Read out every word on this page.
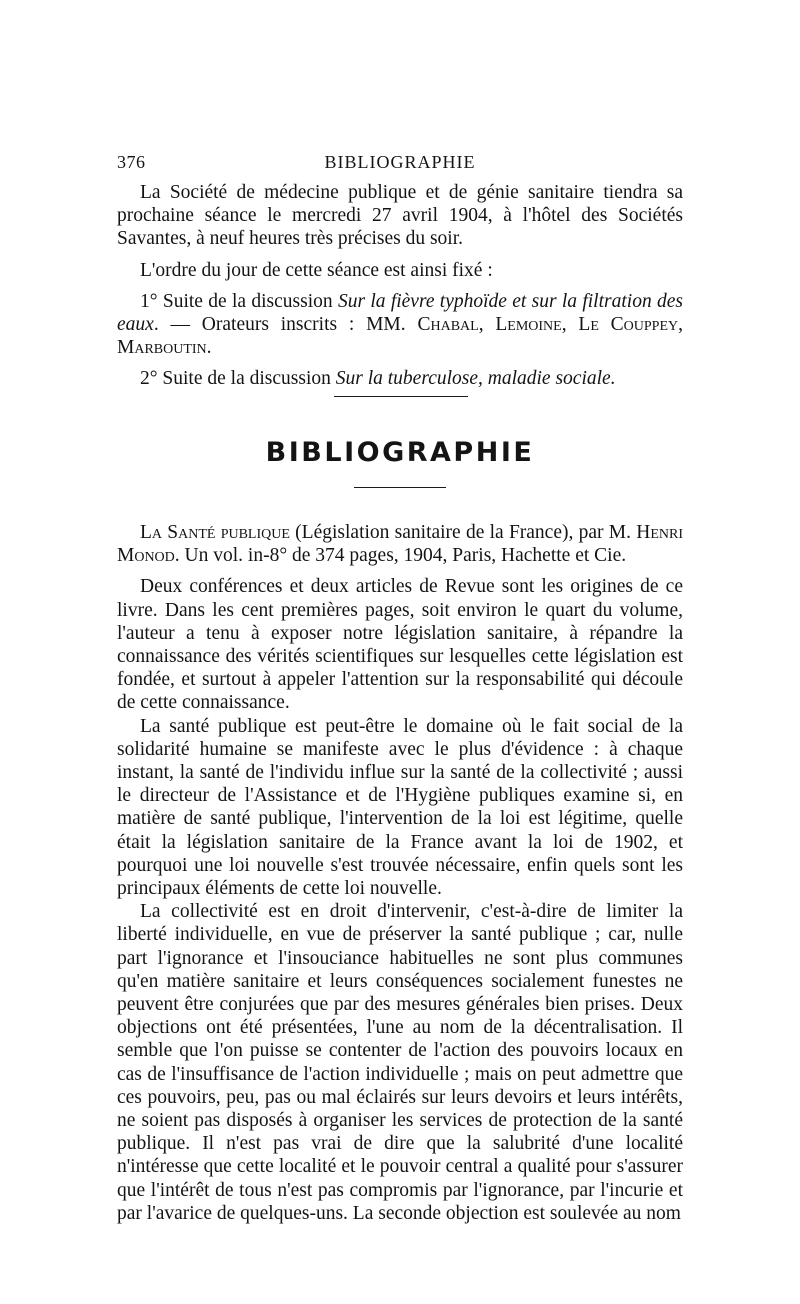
376	BIBLIOGRAPHIE

La Société de médecine publique et de génie sanitaire tiendra sa prochaine séance le mercredi 27 avril 1904, à l'hôtel des Sociétés Savantes, à neuf heures très précises du soir.

L'ordre du jour de cette séance est ainsi fixé :

1° Suite de la discussion Sur la fièvre typhoïde et sur la filtration des eaux. — Orateurs inscrits : MM. Chabal, Lemoine, Le Couppey, Marboutin.

2° Suite de la discussion Sur la tuberculose, maladie sociale.

BIBLIOGRAPHIE

La Santé publique (Législation sanitaire de la France), par M. Henri Monod. Un vol. in-8° de 374 pages, 1904, Paris, Hachette et Cie.

Deux conférences et deux articles de Revue sont les origines de ce livre. Dans les cent premières pages, soit environ le quart du volume, l'auteur a tenu à exposer notre législation sanitaire, à répandre la connaissance des vérités scientifiques sur lesquelles cette législation est fondée, et surtout à appeler l'attention sur la responsabilité qui découle de cette connaissance.

La santé publique est peut-être le domaine où le fait social de la solidarité humaine se manifeste avec le plus d'évidence : à chaque instant, la santé de l'individu influe sur la santé de la collectivité ; aussi le directeur de l'Assistance et de l'Hygiène publiques examine si, en matière de santé publique, l'intervention de la loi est légitime, quelle était la législation sanitaire de la France avant la loi de 1902, et pourquoi une loi nouvelle s'est trouvée nécessaire, enfin quels sont les principaux éléments de cette loi nouvelle.

La collectivité est en droit d'intervenir, c'est-à-dire de limiter la liberté individuelle, en vue de préserver la santé publique ; car, nulle part l'ignorance et l'insouciance habituelles ne sont plus communes qu'en matière sanitaire et leurs conséquences socialement funestes ne peuvent être conjurées que par des mesures générales bien prises. Deux objections ont été présentées, l'une au nom de la décentralisation. Il semble que l'on puisse se contenter de l'action des pouvoirs locaux en cas de l'insuffisance de l'action individuelle ; mais on peut admettre que ces pouvoirs, peu, pas ou mal éclairés sur leurs devoirs et leurs intérêts, ne soient pas disposés à organiser les services de protection de la santé publique. Il n'est pas vrai de dire que la salubrité d'une localité n'intéresse que cette localité et le pouvoir central a qualité pour s'assurer que l'intérêt de tous n'est pas compromis par l'ignorance, par l'incurie et par l'avarice de quelques-uns. La seconde objection est soulevée au nom
